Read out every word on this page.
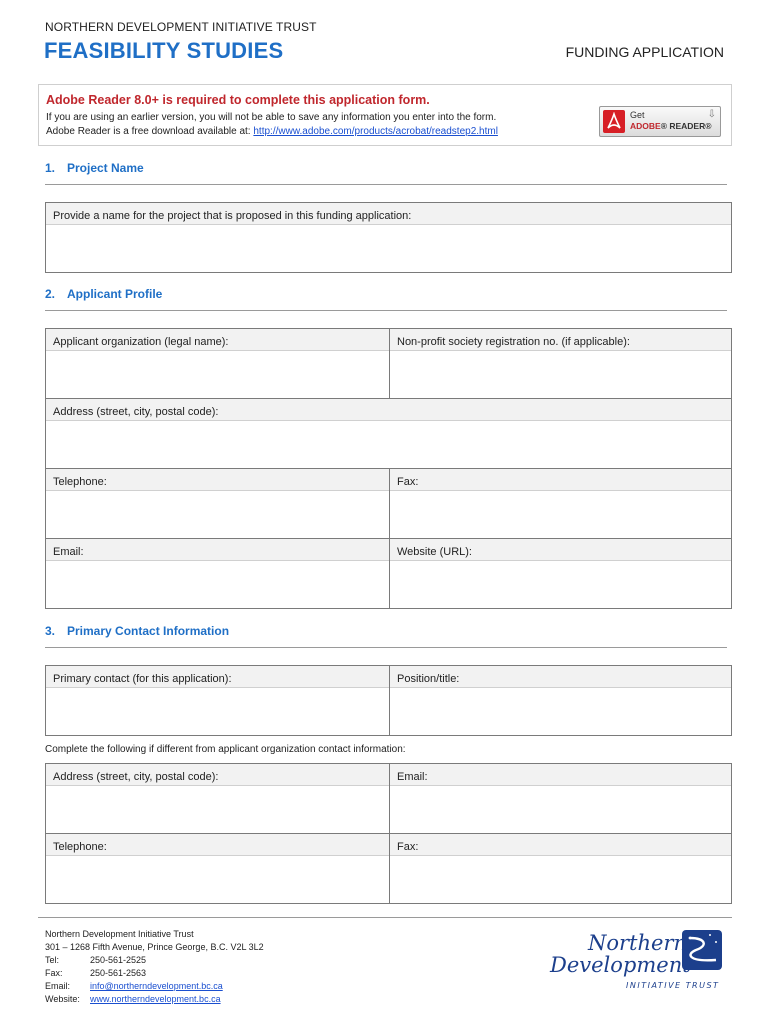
NORTHERN DEVELOPMENT INITIATIVE TRUST
FEASIBILITY STUDIES	FUNDING APPLICATION
Adobe Reader 8.0+ is required to complete this application form.
If you are using an earlier version, you will not be able to save any information you enter into the form.
Adobe Reader is a free download available at: http://www.adobe.com/products/acrobat/readstep2.html
Get
ADOBE® READER®
⇩
1. Project Name
Provide a name for the project that is proposed in this funding application:
2. Applicant Profile
Applicant organization (legal name):	Non-profit society registration no. (if applicable):

Address (street, city, postal code):	

Telephone:	Fax:

Email:	Website (URL):
3. Primary Contact Information
Primary contact (for this application):	Position/title:
Complete the following if different from applicant organization contact information:
Address (street, city, postal code):	Email:

Telephone:	Fax:
Northern Development Initiative Trust
301 – 1268 Fifth Avenue, Prince George, B.C. V2L 3L2
Tel:	250-561-2525
Fax:	250-561-2563
Email:	info@northerndevelopment.bc.ca
Website:	www.northerndevelopment.bc.ca
Northern
Development
INITIATIVE TRUST
